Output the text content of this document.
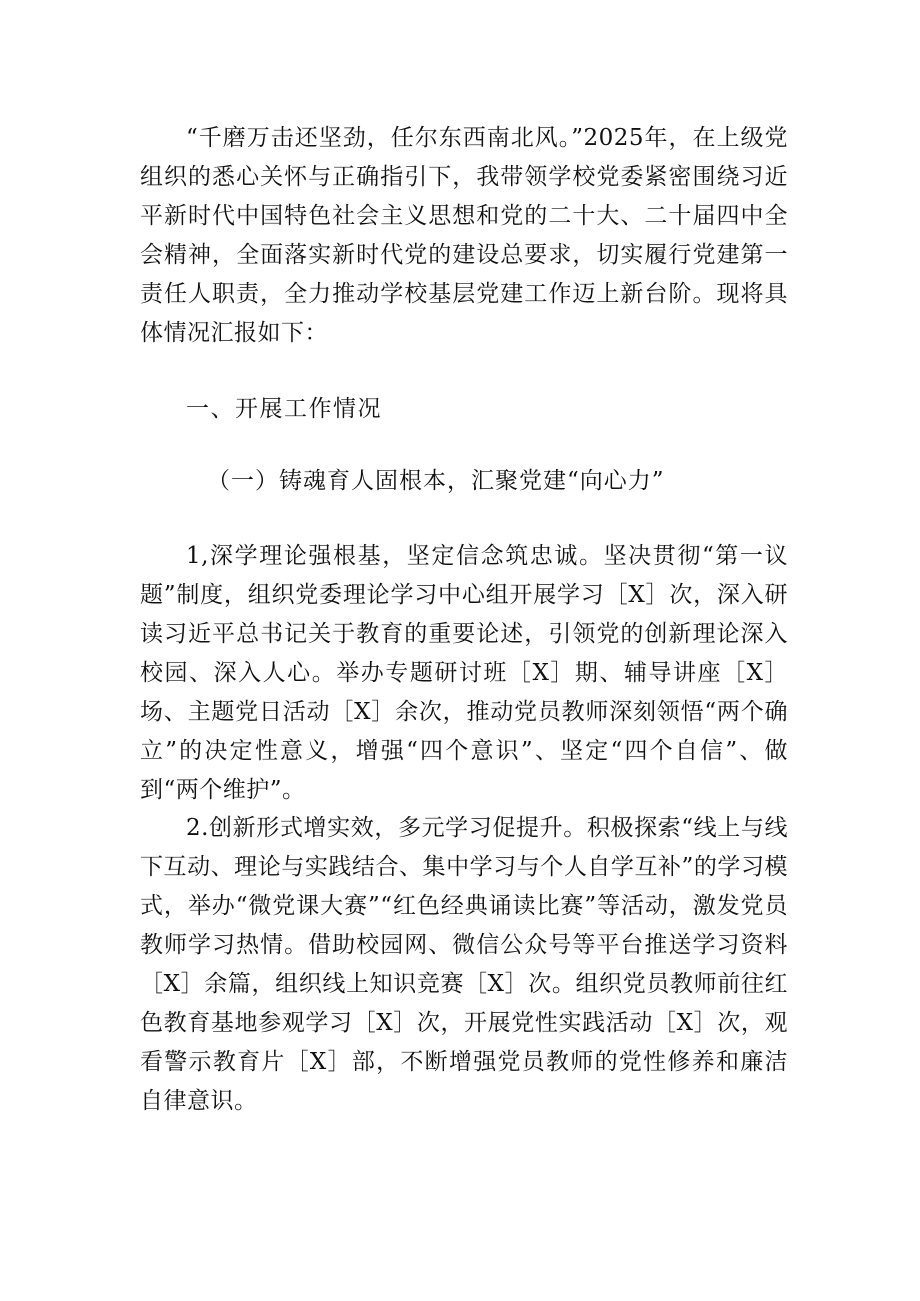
“千磨万击还坚劲，任尔东西南北风。”2025年，在上级党组织的悉心关怀与正确指引下，我带领学校党委紧密围绕习近平新时代中国特色社会主义思想和党的二十大、二十届四中全会精神，全面落实新时代党的建设总要求，切实履行党建第一责任人职责，全力推动学校基层党建工作迈上新台阶。现将具体情况汇报如下：

一、开展工作情况

（一）铸魂育人固根本，汇聚党建“向心力”

1,深学理论强根基，坚定信念筑忠诚。坚决贯彻“第一议题”制度，组织党委理论学习中心组开展学习［X］次，深入研读习近平总书记关于教育的重要论述，引领党的创新理论深入校园、深入人心。举办专题研讨班［X］期、辅导讲座［X］场、主题党日活动［X］余次，推动党员教师深刻领悟“两个确立”的决定性意义，增强“四个意识”、坚定“四个自信”、做到“两个维护”。

2.创新形式增实效，多元学习促提升。积极探索“线上与线下互动、理论与实践结合、集中学习与个人自学互补”的学习模式，举办“微党课大赛”“红色经典诵读比赛”等活动，激发党员教师学习热情。借助校园网、微信公众号等平台推送学习资料［X］余篇，组织线上知识竞赛［X］次。组织党员教师前往红色教育基地参观学习［X］次，开展党性实践活动［X］次，观看警示教育片［X］部，不断增强党员教师的党性修养和廉洁自律意识。
